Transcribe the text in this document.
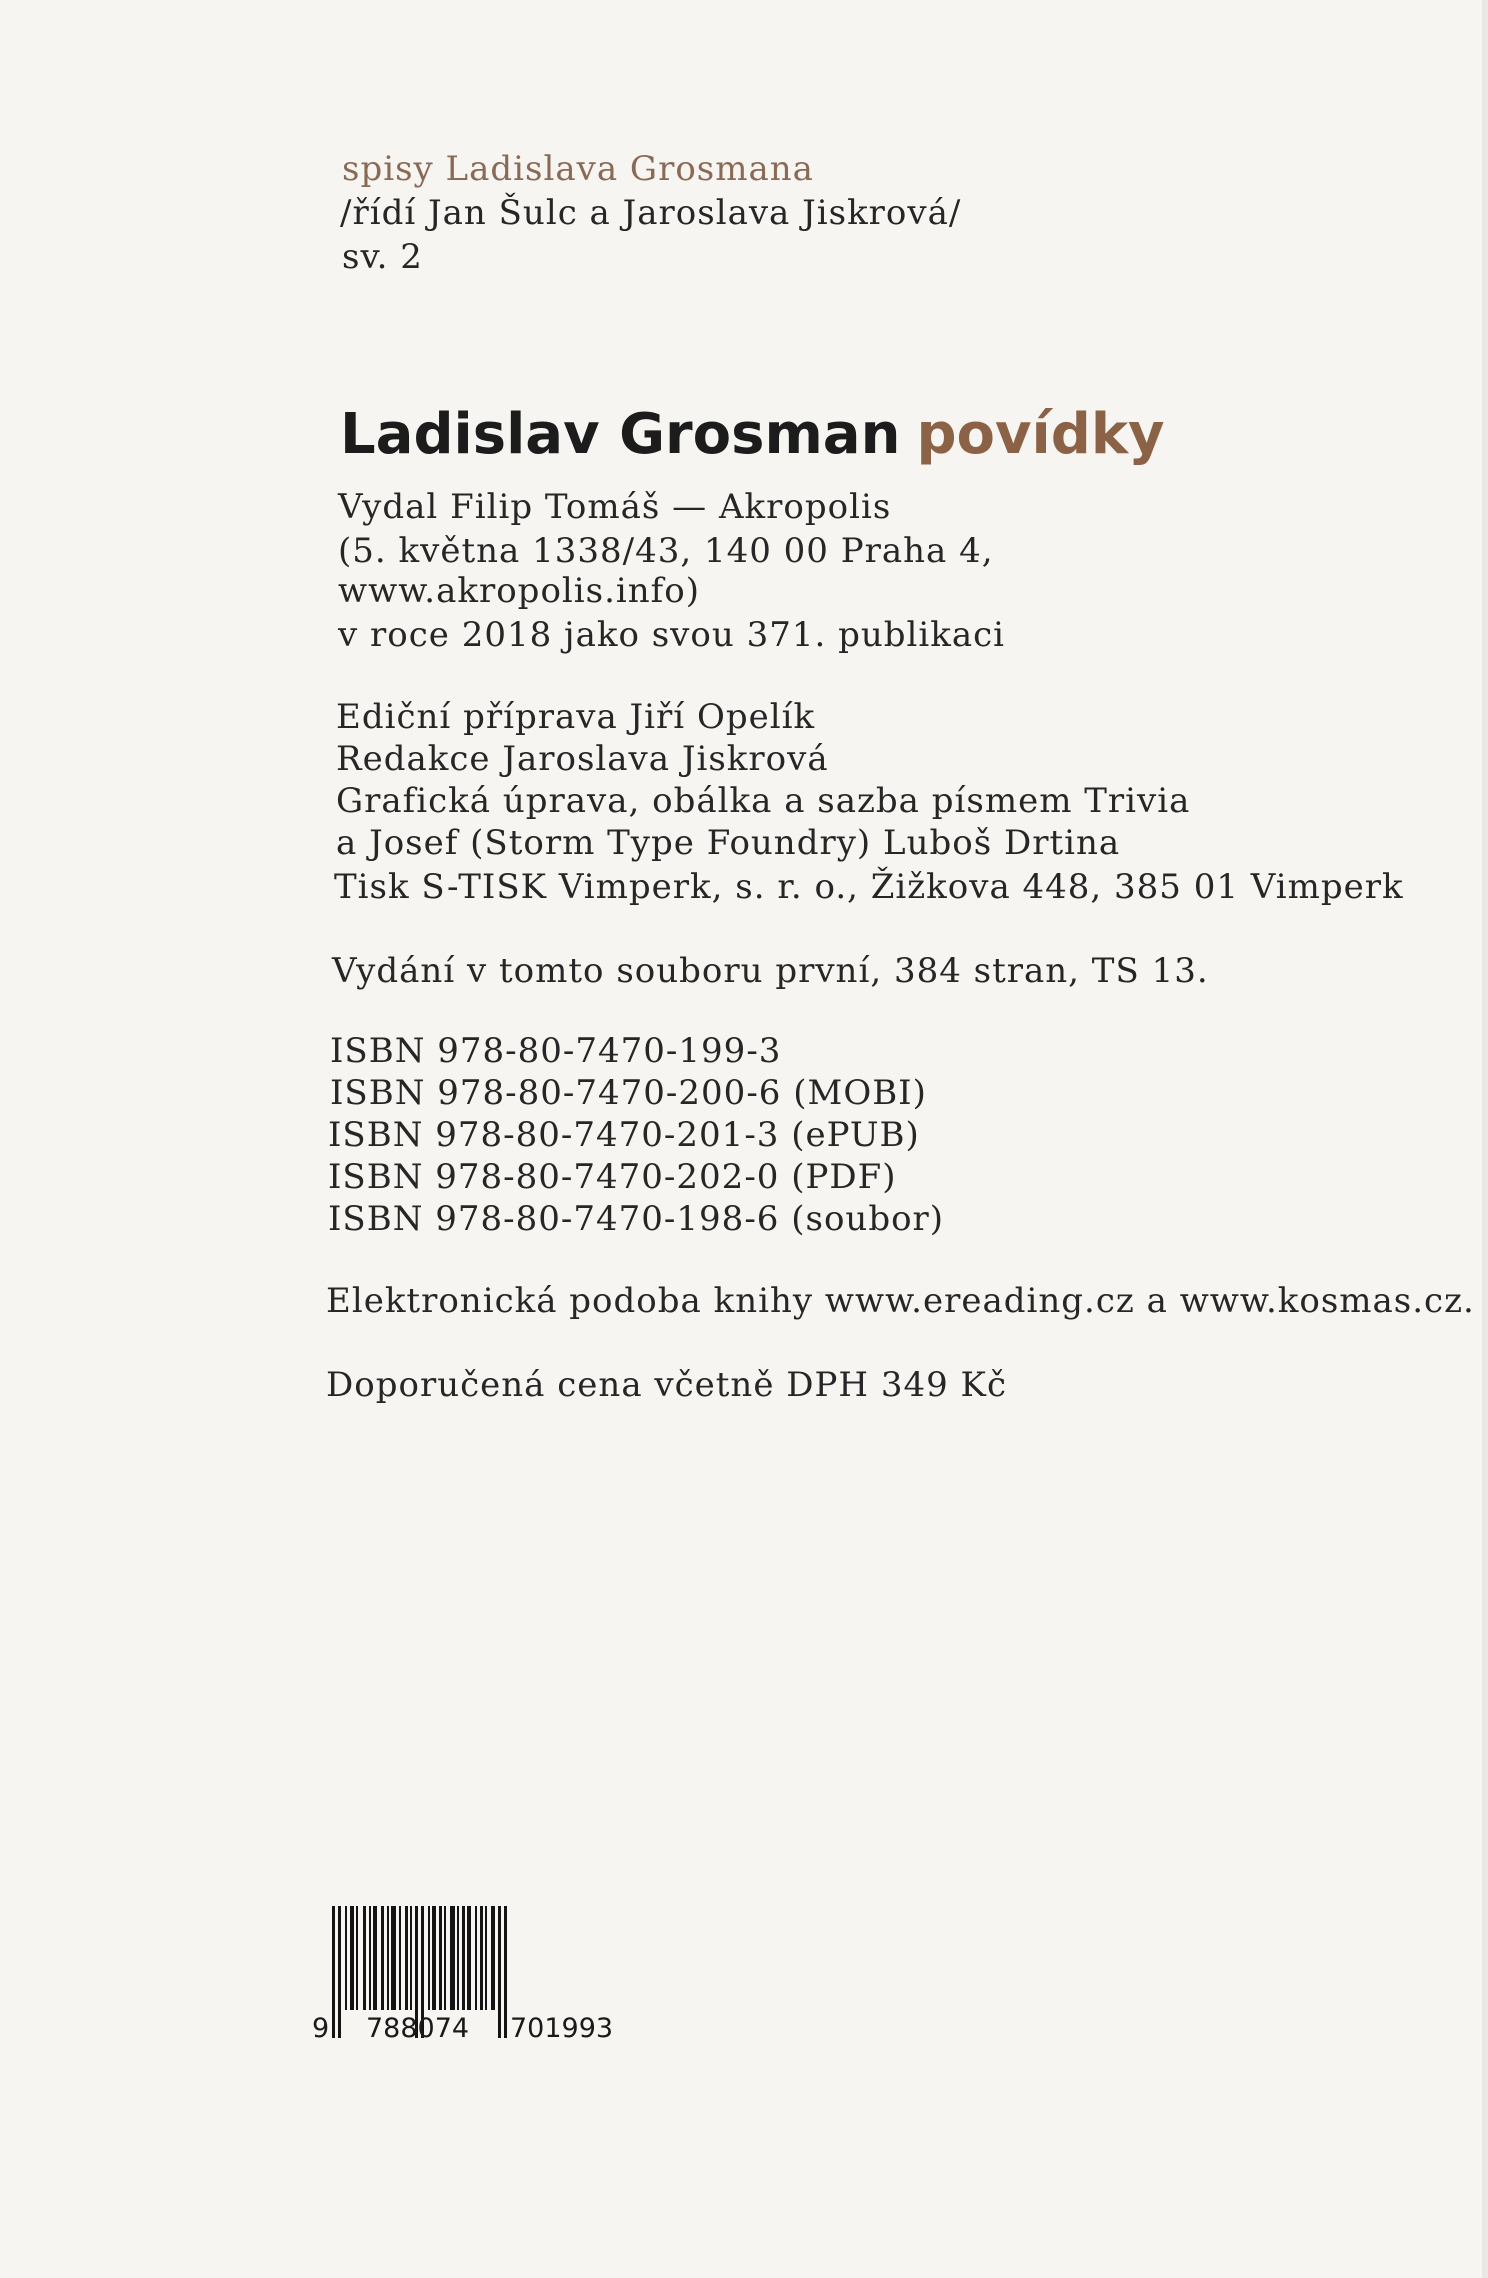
spisy Ladislava Grosmana
/řídí Jan Šulc a Jaroslava Jiskrová/
sv. 2
Ladislav Grosman povídky
Vydal Filip Tomáš — Akropolis
(5. května 1338/43, 140 00 Praha 4,
www.akropolis.info)
v roce 2018 jako svou 371. publikaci
Ediční příprava Jiří Opelík
Redakce Jaroslava Jiskrová
Grafická úprava, obálka a sazba písmem Trivia
a Josef (Storm Type Foundry) Luboš Drtina
Tisk S-TISK Vimperk, s. r. o., Žižkova 448, 385 01 Vimperk
Vydání v tomto souboru první, 384 stran, TS 13.
ISBN 978-80-7470-199-3
ISBN 978-80-7470-200-6 (MOBI)
ISBN 978-80-7470-201-3 (ePUB)
ISBN 978-80-7470-202-0 (PDF)
ISBN 978-80-7470-198-6 (soubor)
Elektronická podoba knihy www.ereading.cz a www.kosmas.cz.
Doporučená cena včetně DPH 349 Kč
9 788074 701993
